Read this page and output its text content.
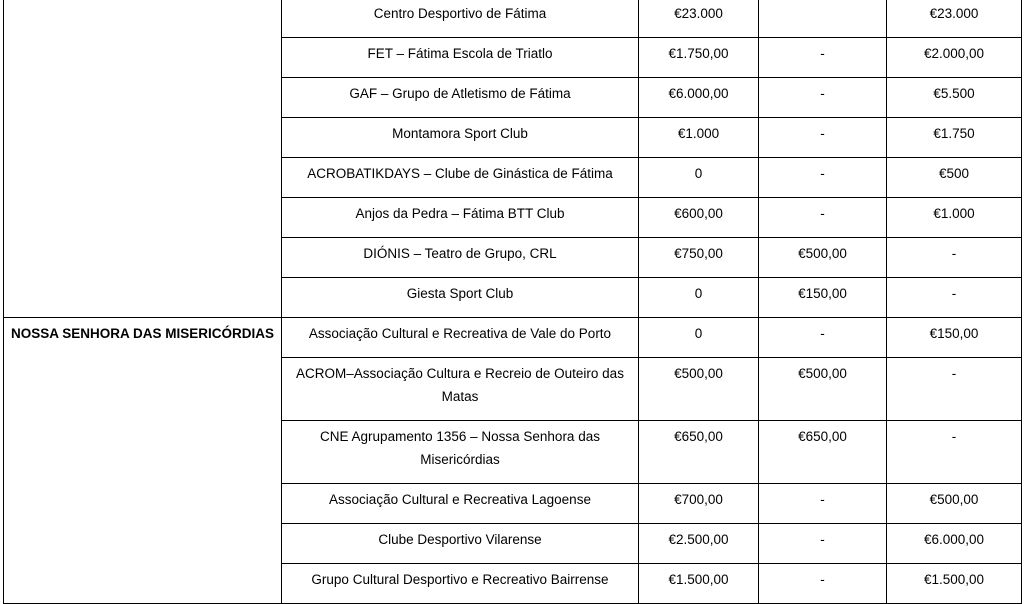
	Centro Desportivo de Fátima	€23.000		€23.000
	FET – Fátima Escola de Triatlo	€1.750,00	-	€2.000,00
	GAF – Grupo de Atletismo de Fátima	€6.000,00	-	€5.500
	Montamora Sport Club	€1.000	-	€1.750
	ACROBATIKDAYS – Clube de Ginástica de Fátima	0	-	€500
	Anjos da Pedra – Fátima BTT Club	€600,00	-	€1.000
	DIÓNIS – Teatro de Grupo, CRL	€750,00	€500,00	-
	Giesta Sport Club	0	€150,00	-
NOSSA SENHORA DAS MISERICÓRDIAS	Associação Cultural e Recreativa de Vale do Porto	0	-	€150,00
	ACROM–Associação Cultura e Recreio de Outeiro das Matas	€500,00	€500,00	-
	CNE Agrupamento 1356 – Nossa Senhora das Misericórdias	€650,00	€650,00	-
	Associação Cultural e Recreativa Lagoense	€700,00	-	€500,00
	Clube Desportivo Vilarense	€2.500,00	-	€6.000,00
	Grupo Cultural Desportivo e Recreativo Bairrense	€1.500,00	-	€1.500,00
